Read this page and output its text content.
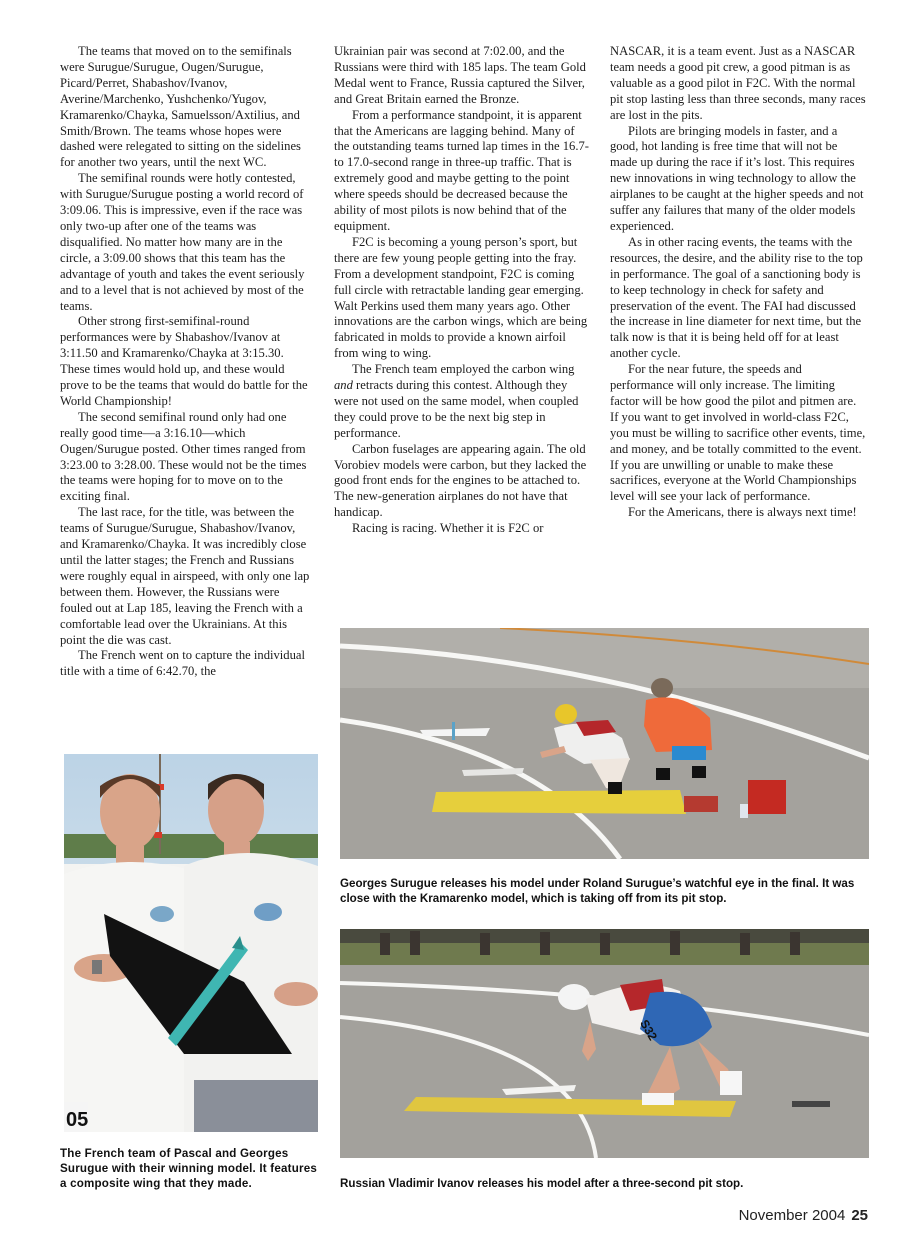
The teams that moved on to the semifinals were Surugue/Surugue, Ougen/Surugue, Picard/Perret, Shabashov/Ivanov, Averine/Marchenko, Yushchenko/Yugov, Kramarenko/Chayka, Samuelsson/Axtilius, and Smith/Brown. The teams whose hopes were dashed were relegated to sitting on the sidelines for another two years, until the next WC.

The semifinal rounds were hotly contested, with Surugue/Surugue posting a world record of 3:09.06. This is impressive, even if the race was only two-up after one of the teams was disqualified. No matter how many are in the circle, a 3:09.00 shows that this team has the advantage of youth and takes the event seriously and to a level that is not achieved by most of the teams.

Other strong first-semifinal-round performances were by Shabashov/Ivanov at 3:11.50 and Kramarenko/Chayka at 3:15.30. These times would hold up, and these would prove to be the teams that would do battle for the World Championship!

The second semifinal round only had one really good time—a 3:16.10—which Ougen/Surugue posted. Other times ranged from 3:23.00 to 3:28.00. These would not be the times the teams were hoping for to move on to the exciting final.

The last race, for the title, was between the teams of Surugue/Surugue, Shabashov/Ivanov, and Kramarenko/Chayka. It was incredibly close until the latter stages; the French and Russians were roughly equal in airspeed, with only one lap between them. However, the Russians were fouled out at Lap 185, leaving the French with a comfortable lead over the Ukrainians. At this point the die was cast.

The French went on to capture the individual title with a time of 6:42.70, the

Ukrainian pair was second at 7:02.00, and the Russians were third with 185 laps. The team Gold Medal went to France, Russia captured the Silver, and Great Britain earned the Bronze.

From a performance standpoint, it is apparent that the Americans are lagging behind. Many of the outstanding teams turned lap times in the 16.7- to 17.0-second range in three-up traffic. That is extremely good and maybe getting to the point where speeds should be decreased because the ability of most pilots is now behind that of the equipment.

F2C is becoming a young person’s sport, but there are few young people getting into the fray. From a development standpoint, F2C is coming full circle with retractable landing gear emerging. Walt Perkins used them many years ago. Other innovations are the carbon wings, which are being fabricated in molds to provide a known airfoil from wing to wing.

The French team employed the carbon wing and retracts during this contest. Although they were not used on the same model, when coupled they could prove to be the next big step in performance.

Carbon fuselages are appearing again. The old Vorobiev models were carbon, but they lacked the good front ends for the engines to be attached to. The new-generation airplanes do not have that handicap.

Racing is racing. Whether it is F2C or

NASCAR, it is a team event. Just as a NASCAR team needs a good pit crew, a good pitman is as valuable as a good pilot in F2C. With the normal pit stop lasting less than three seconds, many races are lost in the pits.

Pilots are bringing models in faster, and a good, hot landing is free time that will not be made up during the race if it’s lost. This requires new innovations in wing technology to allow the airplanes to be caught at the higher speeds and not suffer any failures that many of the older models experienced.

As in other racing events, the teams with the resources, the desire, and the ability rise to the top in performance. The goal of a sanctioning body is to keep technology in check for safety and preservation of the event. The FAI had discussed the increase in line diameter for next time, but the talk now is that it is being held off for at least another cycle.

For the near future, the speeds and performance will only increase. The limiting factor will be how good the pilot and pitmen are. If you want to get involved in world-class F2C, you must be willing to sacrifice other events, time, and money, and be totally committed to the event. If you are unwilling or unable to make these sacrifices, everyone at the World Championships level will see your lack of performance.

For the Americans, there is always next time!

05
Georges Surugue releases his model under Roland Surugue’s watchful eye in the final. It was close with the Kramarenko model, which is taking off from its pit stop.
S32
The French team of Pascal and Georges Surugue with their winning model. It features a composite wing that they made.	Russian Vladimir Ivanov releases his model after a three-second pit stop.
November 2004 25
